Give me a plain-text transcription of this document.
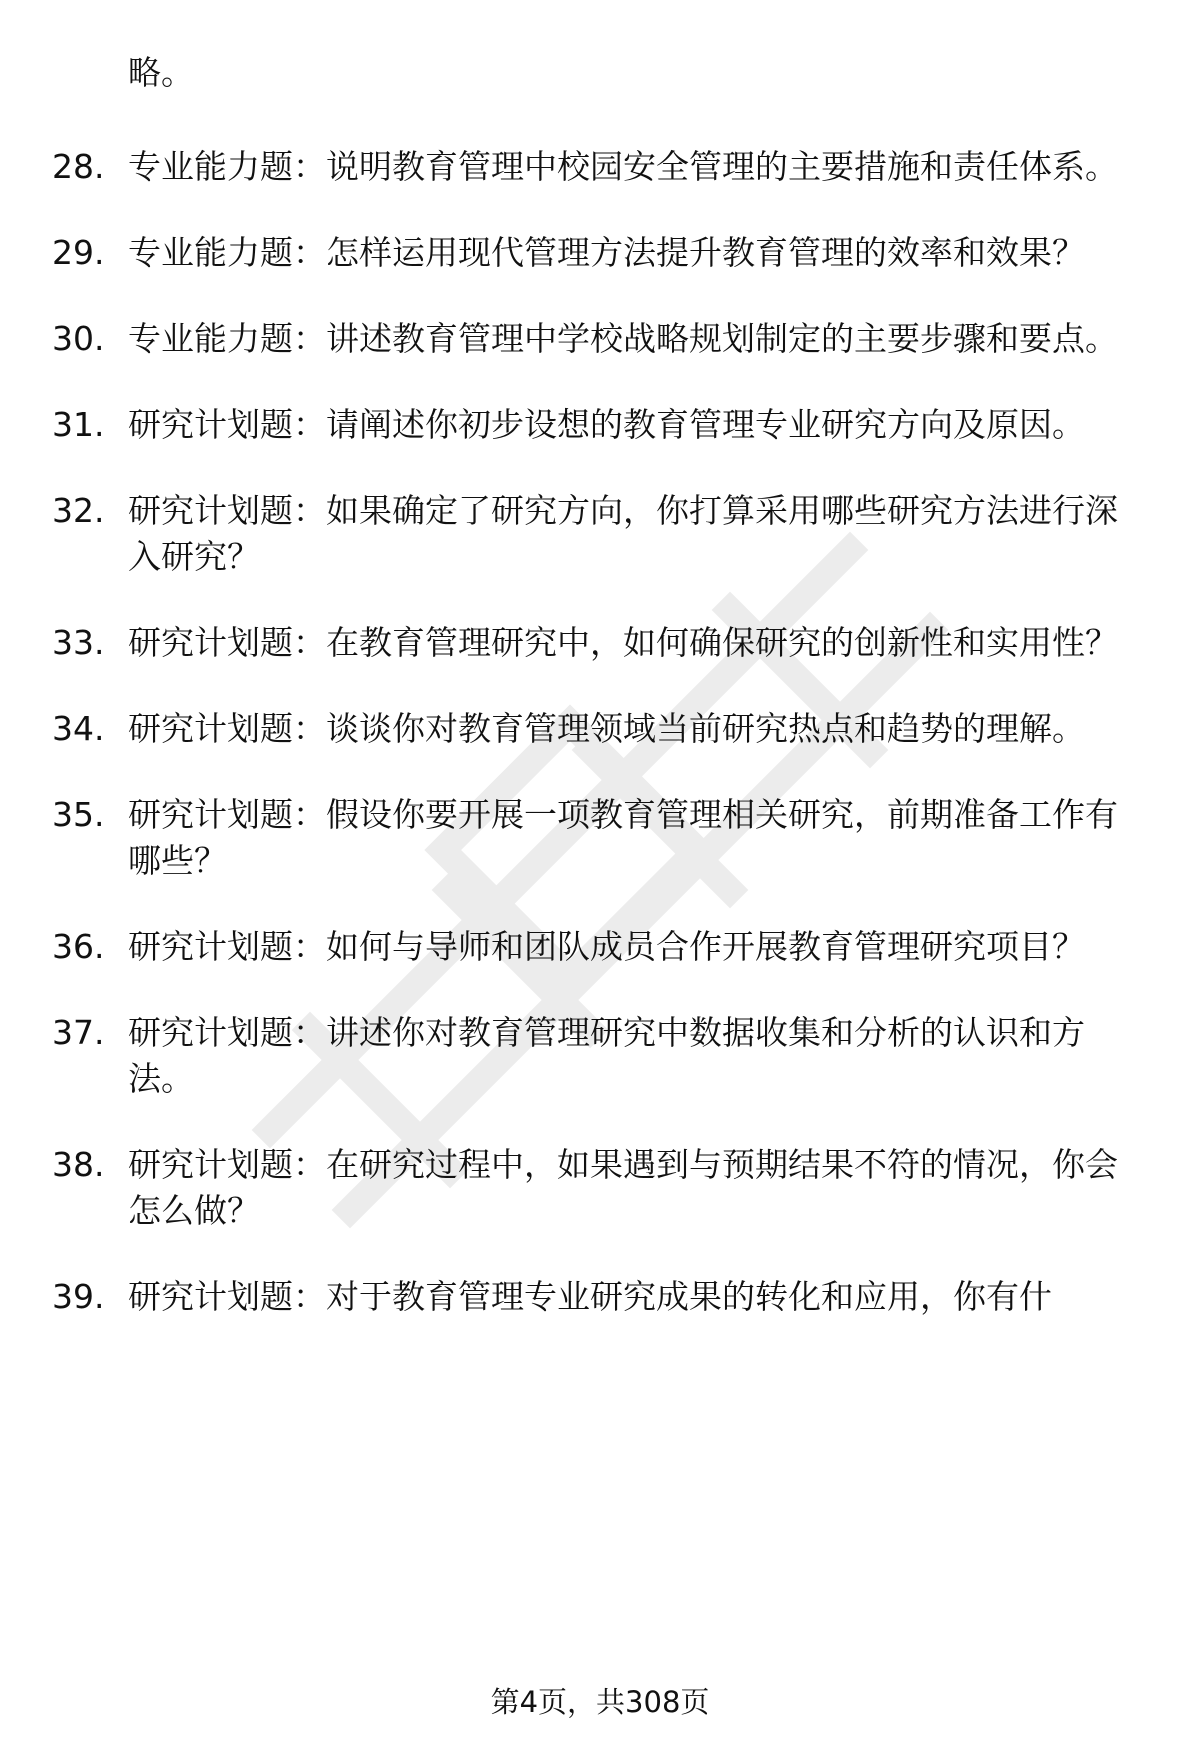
略。
28. 专业能力题：说明教育管理中校园安全管理的主要措施和责任体系。
29. 专业能力题：怎样运用现代管理方法提升教育管理的效率和效果？
30. 专业能力题：讲述教育管理中学校战略规划制定的主要步骤和要点。
31. 研究计划题：请阐述你初步设想的教育管理专业研究方向及原因。
32. 研究计划题：如果确定了研究方向，你打算采用哪些研究方法进行深入研究？
33. 研究计划题：在教育管理研究中，如何确保研究的创新性和实用性？
34. 研究计划题：谈谈你对教育管理领域当前研究热点和趋势的理解。
35. 研究计划题：假设你要开展一项教育管理相关研究，前期准备工作有哪些？
36. 研究计划题：如何与导师和团队成员合作开展教育管理研究项目？
37. 研究计划题：讲述你对教育管理研究中数据收集和分析的认识和方法。
38. 研究计划题：在研究过程中，如果遇到与预期结果不符的情况，你会怎么做？
39. 研究计划题：对于教育管理专业研究成果的转化和应用，你有什
第4页，共308页
